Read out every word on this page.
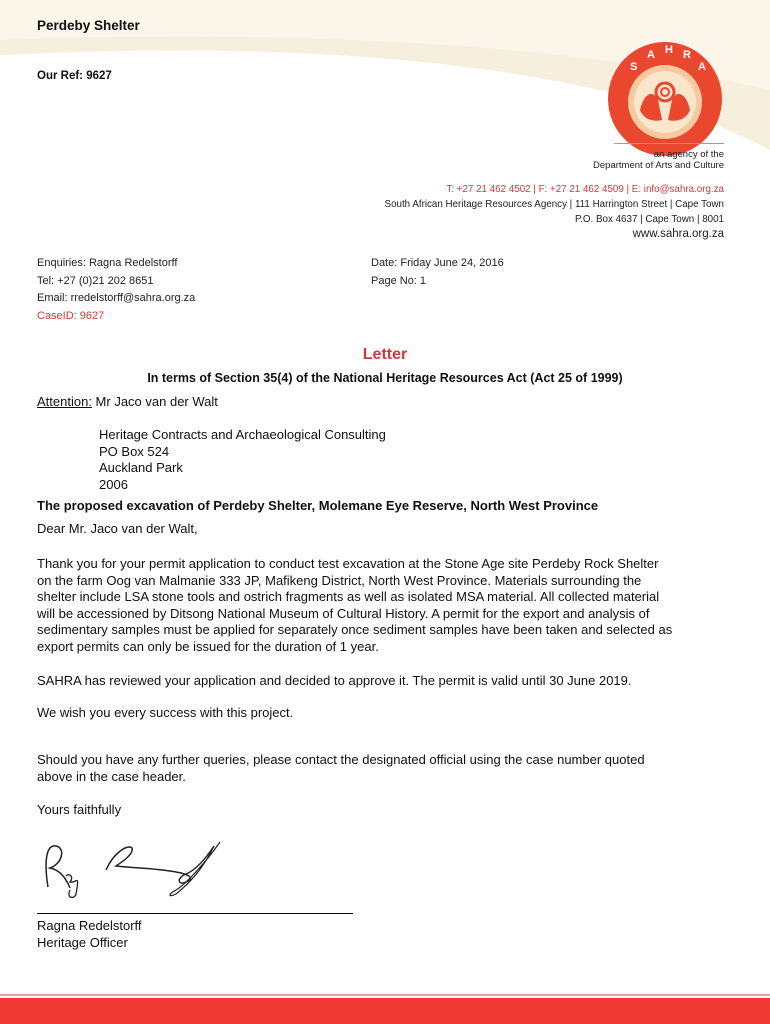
Perdeby Shelter
Our Ref: 9627
S
A H R
A
an agency of the
Department of Arts and Culture
T: +27 21 462 4502 | F: +27 21 462 4509 | E: info@sahra.org.za
South African Heritage Resources Agency | 111 Harrington Street | Cape Town
P.O. Box 4637 | Cape Town | 8001
www.sahra.org.za
Enquiries: Ragna Redelstorff
Tel: +27 (0)21 202 8651
Email: rredelstorff@sahra.org.za
CaseID: 9627
Date: Friday June 24, 2016
Page No: 1
Letter
In terms of Section 35(4) of the National Heritage Resources Act (Act 25 of 1999)
Attention: Mr Jaco van der Walt
Heritage Contracts and Archaeological Consulting
PO Box 524
Auckland Park
2006
The proposed excavation of Perdeby Shelter, Molemane Eye Reserve, North West Province
Dear Mr. Jaco van der Walt,
Thank you for your permit application to conduct test excavation at the Stone Age site Perdeby Rock Shelter
on the farm Oog van Malmanie 333 JP, Mafikeng District, North West Province. Materials surrounding the
shelter include LSA stone tools and ostrich fragments as well as isolated MSA material. All collected material
will be accessioned by Ditsong National Museum of Cultural History. A permit for the export and analysis of
sedimentary samples must be applied for separately once sediment samples have been taken and selected as
export permits can only be issued for the duration of 1 year.
SAHRA has reviewed your application and decided to approve it. The permit is valid until 30 June 2019.
We wish you every success with this project.
Should you have any further queries, please contact the designated official using the case number quoted
above in the case header.
Yours faithfully
Ragna Redelstorff
Heritage Officer
